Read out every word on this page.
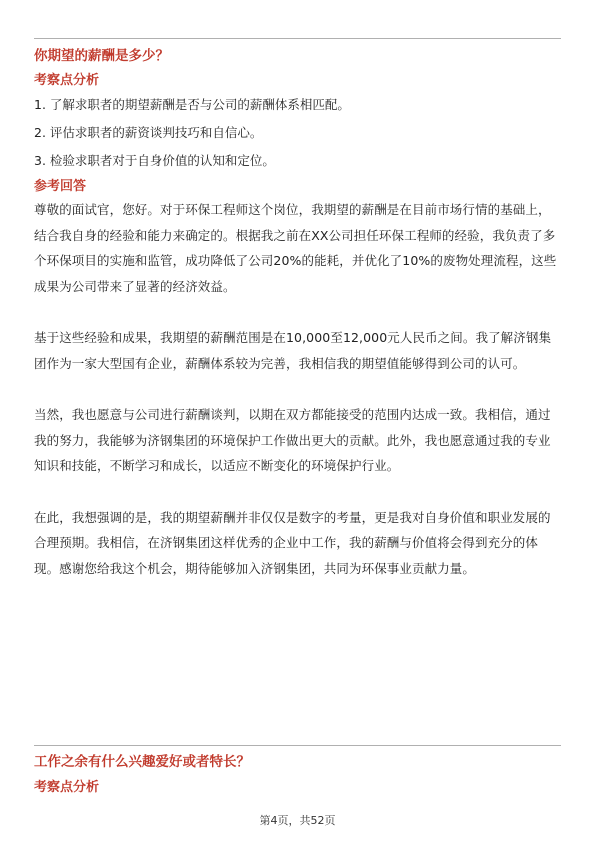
你期望的薪酬是多少？

考察点分析

1. 了解求职者的期望薪酬是否与公司的薪酬体系相匹配。
2. 评估求职者的薪资谈判技巧和自信心。
3. 检验求职者对于自身价值的认知和定位。

参考回答

尊敬的面试官，您好。对于环保工程师这个岗位，我期望的薪酬是在目前市场行情的基础上，结合我自身的经验和能力来确定的。根据我之前在XX公司担任环保工程师的经验，我负责了多个环保项目的实施和监管，成功降低了公司20%的能耗，并优化了10%的废物处理流程，这些成果为公司带来了显著的经济效益。

基于这些经验和成果，我期望的薪酬范围是在10,000至12,000元人民币之间。我了解济钢集团作为一家大型国有企业，薪酬体系较为完善，我相信我的期望值能够得到公司的认可。

当然，我也愿意与公司进行薪酬谈判，以期在双方都能接受的范围内达成一致。我相信，通过我的努力，我能够为济钢集团的环境保护工作做出更大的贡献。此外，我也愿意通过我的专业知识和技能，不断学习和成长，以适应不断变化的环境保护行业。

在此，我想强调的是，我的期望薪酬并非仅仅是数字的考量，更是我对自身价值和职业发展的合理预期。我相信，在济钢集团这样优秀的企业中工作，我的薪酬与价值将会得到充分的体现。感谢您给我这个机会，期待能够加入济钢集团，共同为环保事业贡献力量。

工作之余有什么兴趣爱好或者特长？

考察点分析

第4页，共52页
